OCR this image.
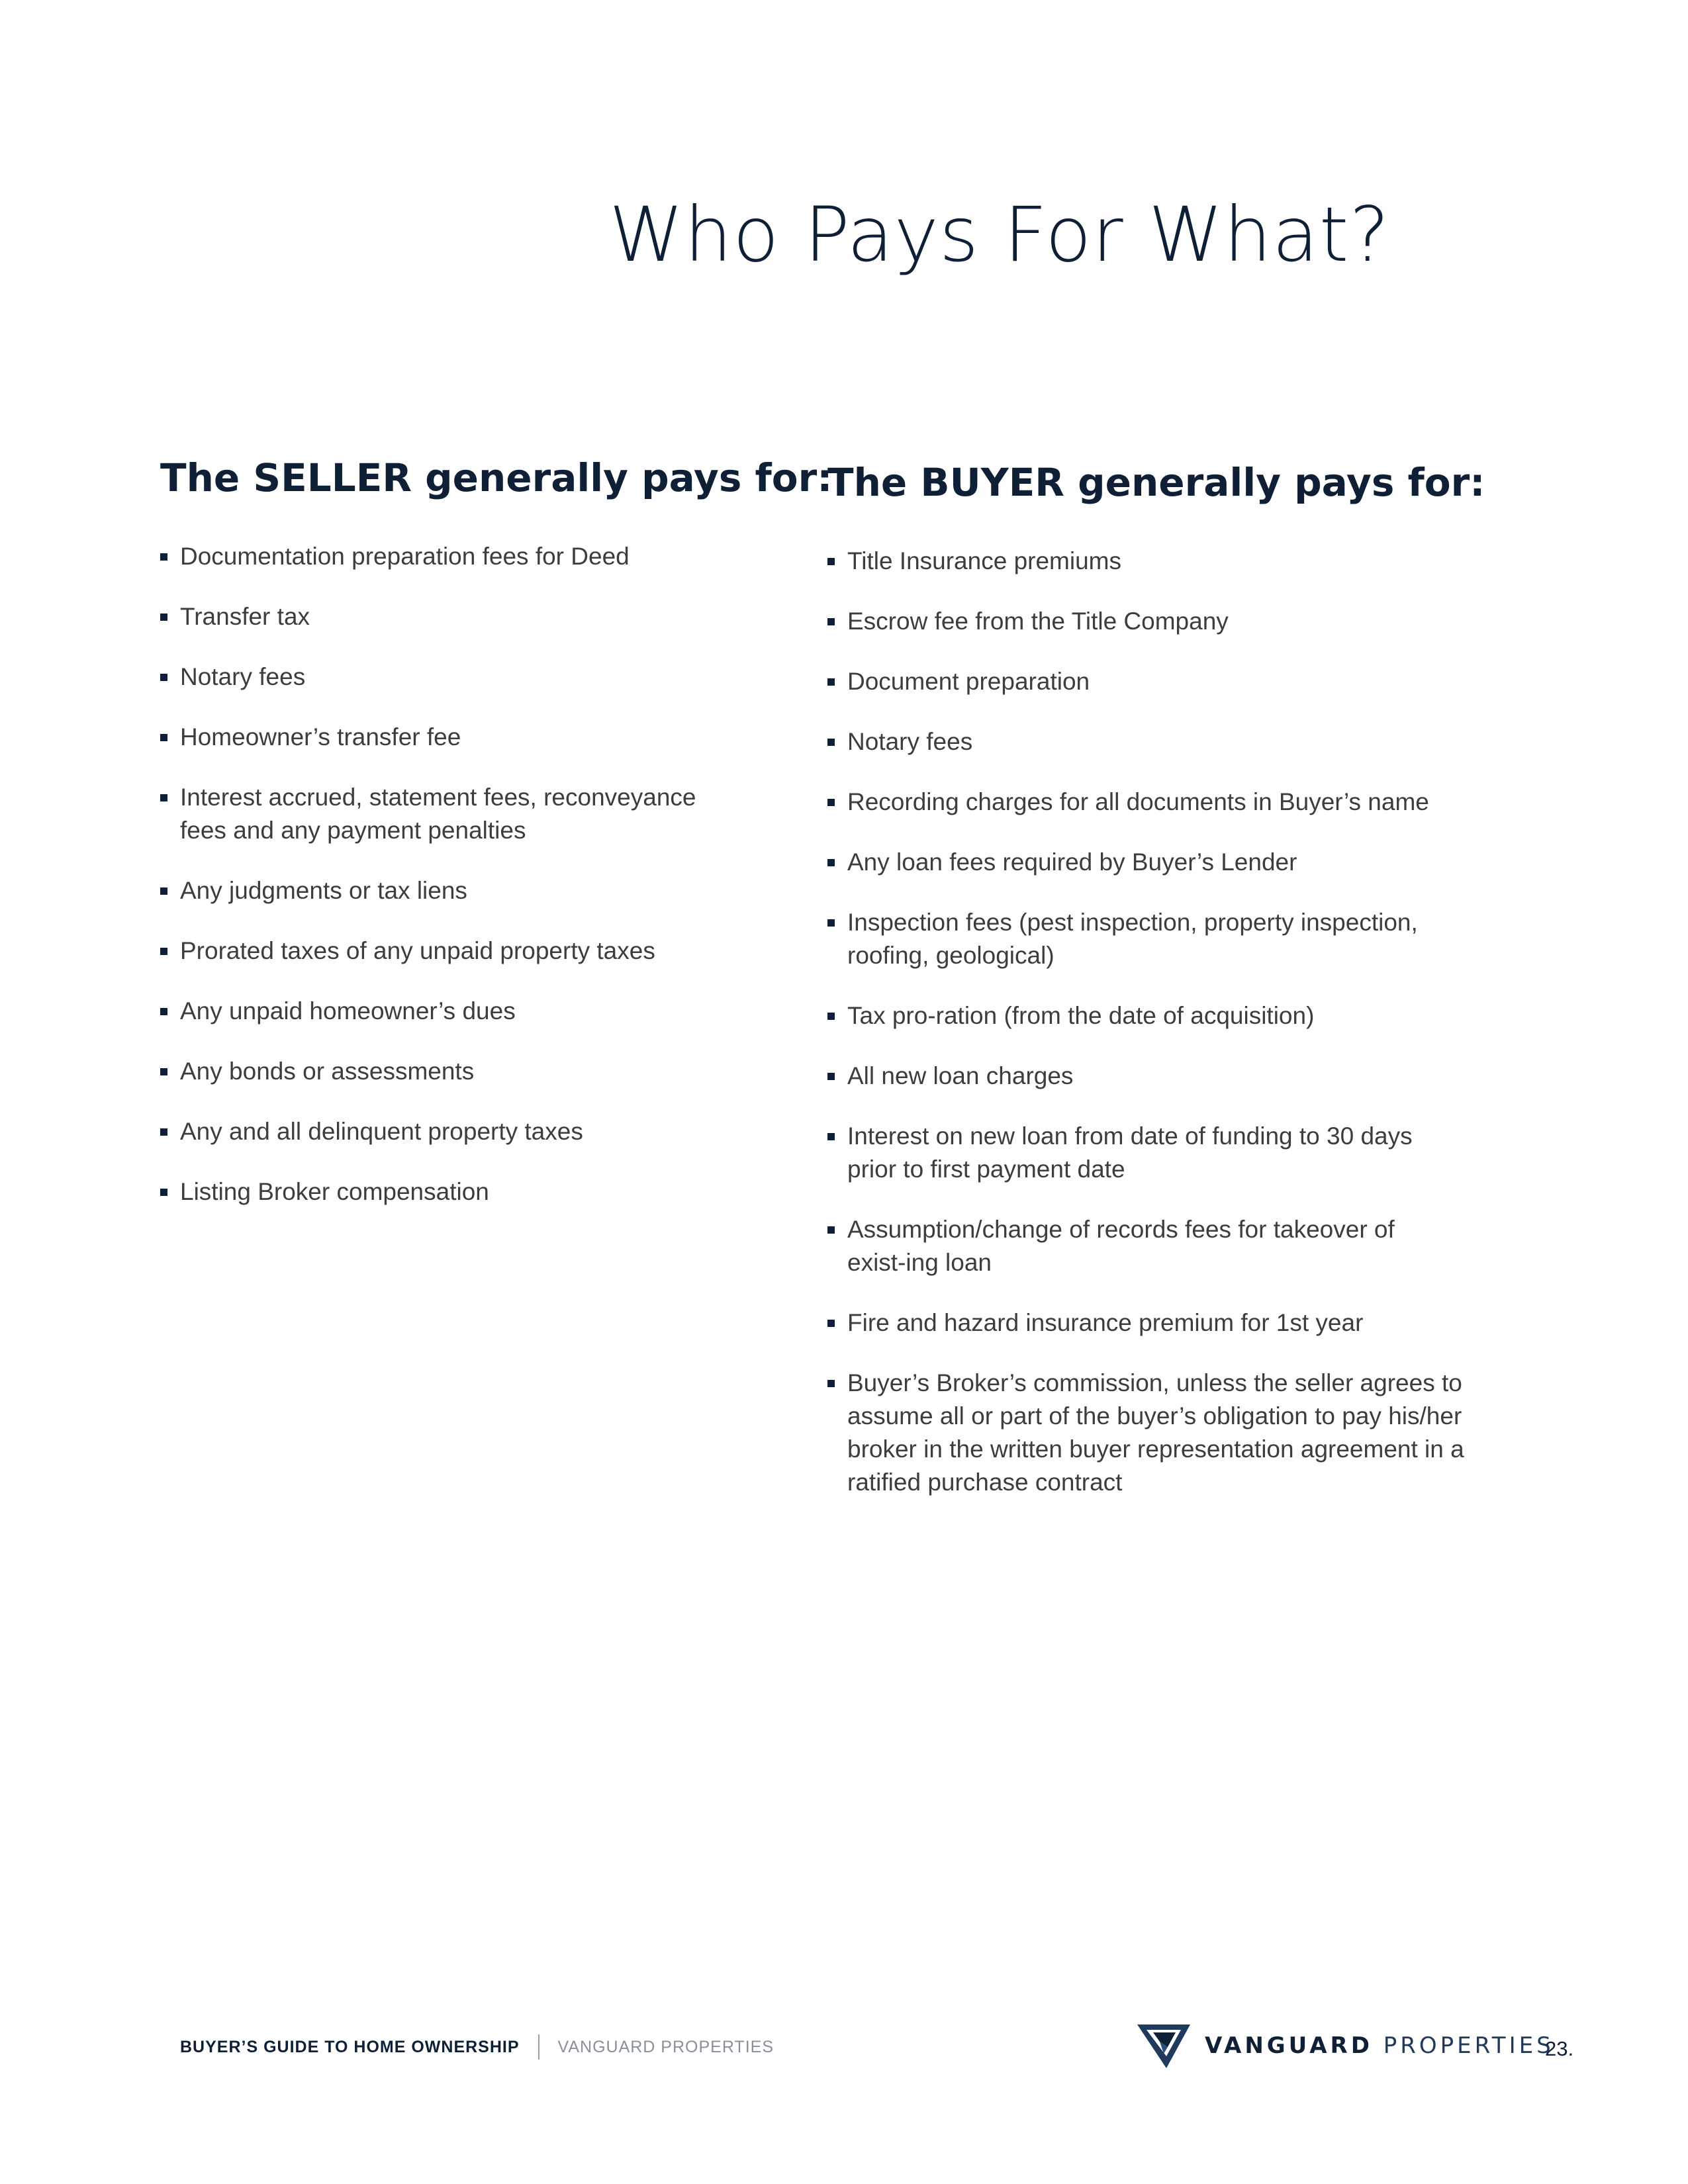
Who Pays For What?
The SELLER generally pays for:
Documentation preparation fees for Deed
Transfer tax
Notary fees
Homeowner’s transfer fee
Interest accrued, statement fees, reconveyance fees and any payment penalties
Any judgments or tax liens
Prorated taxes of any unpaid property taxes
Any unpaid homeowner’s dues
Any bonds or assessments
Any and all delinquent property taxes
Listing Broker compensation
The BUYER generally pays for:
Title Insurance premiums
Escrow fee from the Title Company
Document preparation
Notary fees
Recording charges for all documents in Buyer’s name
Any loan fees required by Buyer’s Lender
Inspection fees (pest inspection, property inspection, roofing, geological)
Tax pro-ration (from the date of acquisition)
All new loan charges
Interest on new loan from date of funding to 30 days prior to first payment date
Assumption/change of records fees for takeover of exist-ing loan
Fire and hazard insurance premium for 1st year
Buyer’s Broker’s commission, unless the seller agrees to assume all or part of the buyer’s obligation to pay his/her broker in the written buyer representation agreement in a ratified purchase contract
BUYER’S GUIDE TO HOME OWNERSHIP VANGUARD PROPERTIES	VANGUARD PROPERTIES
23.
